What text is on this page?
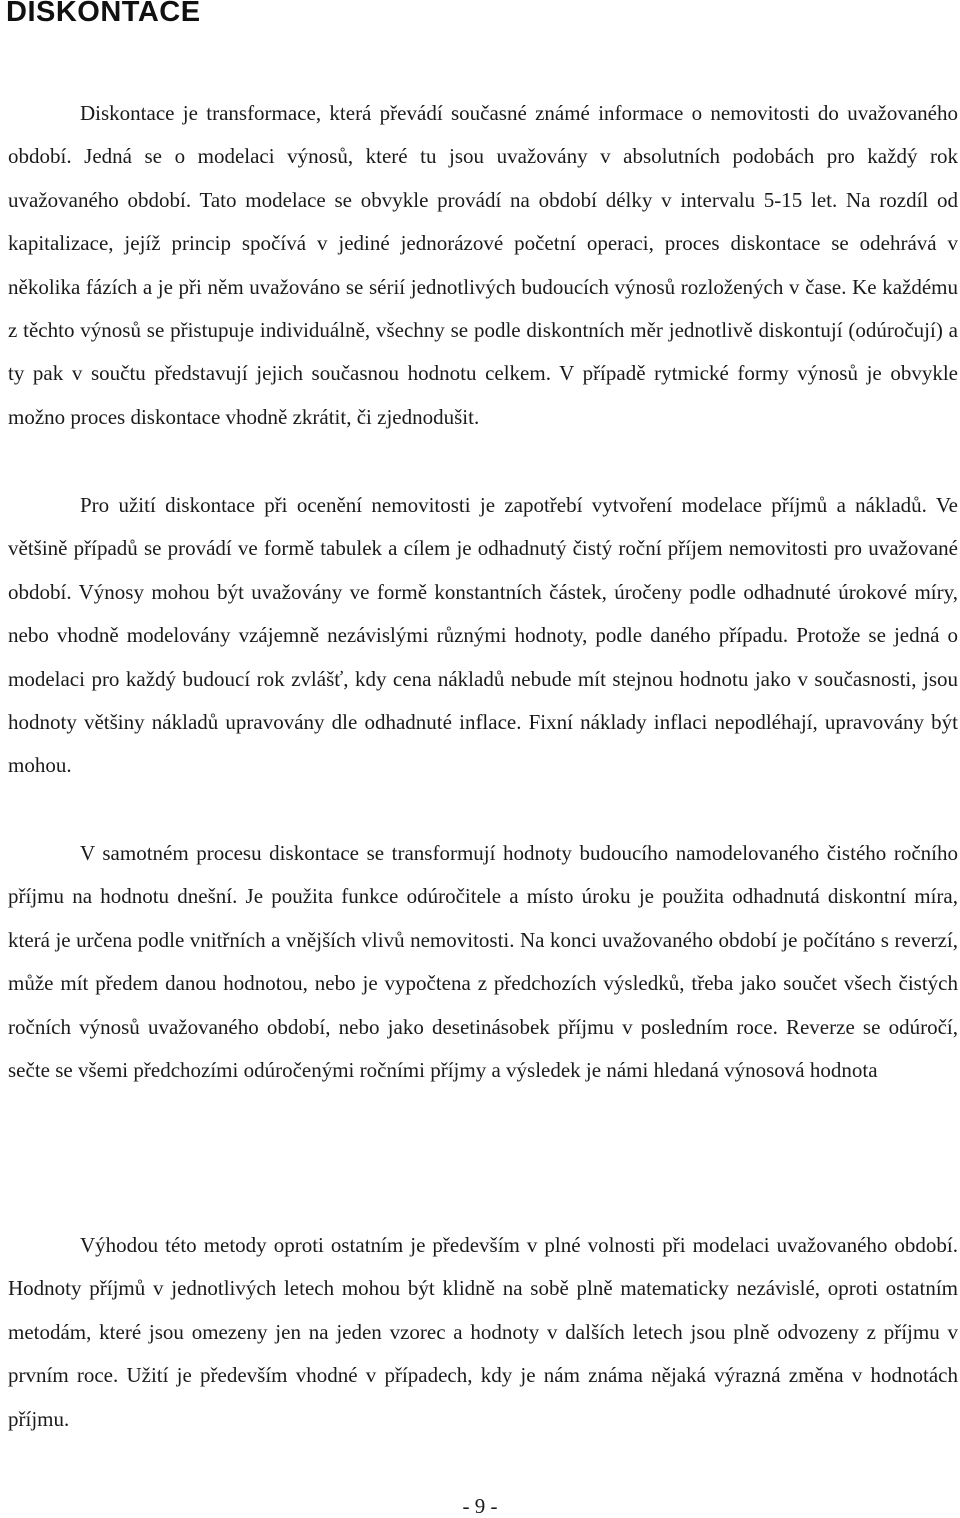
DISKONTACE

Diskontace je transformace, která převádí současné známé informace o nemovitosti do uvažovaného období. Jedná se o modelaci výnosů, které tu jsou uvažovány v absolutních podobách pro každý rok uvažovaného období. Tato modelace se obvykle provádí na období délky v intervalu 5-15 let. Na rozdíl od kapitalizace, jejíž princip spočívá v jediné jednorázové početní operaci, proces diskontace se odehrává v několika fázích a je při něm uvažováno se sérií jednotlivých budoucích výnosů rozložených v čase. Ke každému z těchto výnosů se přistupuje individuálně, všechny se podle diskontních měr jednotlivě diskontují (odúročují) a ty pak v součtu představují jejich současnou hodnotu celkem. V případě rytmické formy výnosů je obvykle možno proces diskontace vhodně zkrátit, či zjednodušit.

Pro užití diskontace při ocenění nemovitosti je zapotřebí vytvoření modelace příjmů a nákladů. Ve většině případů se provádí ve formě tabulek a cílem je odhadnutý čistý roční příjem nemovitosti pro uvažované období. Výnosy mohou být uvažovány ve formě konstantních částek, úročeny podle odhadnuté úrokové míry, nebo vhodně modelovány vzájemně nezávislými různými hodnoty, podle daného případu. Protože se jedná o modelaci pro každý budoucí rok zvlášť, kdy cena nákladů nebude mít stejnou hodnotu jako v současnosti, jsou hodnoty většiny nákladů upravovány dle odhadnuté inflace. Fixní náklady inflaci nepodléhají, upravovány být mohou.

V samotném procesu diskontace se transformují hodnoty budoucího namodelovaného čistého ročního příjmu na hodnotu dnešní. Je použita funkce odúročitele a místo úroku je použita odhadnutá diskontní míra, která je určena podle vnitřních a vnějších vlivů nemovitosti. Na konci uvažovaného období je počítáno s reverzí, může mít předem danou hodnotou, nebo je vypočtena z předchozích výsledků, třeba jako součet všech čistých ročních výnosů uvažovaného období, nebo jako desetinásobek příjmu v posledním roce. Reverze se odúročí, sečte se všemi předchozími odúročenými ročními příjmy a výsledek je námi hledaná výnosová hodnota

Výhodou této metody oproti ostatním je především v plné volnosti při modelaci uvažovaného období. Hodnoty příjmů v jednotlivých letech mohou být klidně na sobě plně matematicky nezávislé, oproti ostatním metodám, které jsou omezeny jen na jeden vzorec a hodnoty v dalších letech jsou plně odvozeny z příjmu v prvním roce. Užití je především vhodné v případech, kdy je nám známa nějaká výrazná změna v hodnotách příjmu.

- 9 -
